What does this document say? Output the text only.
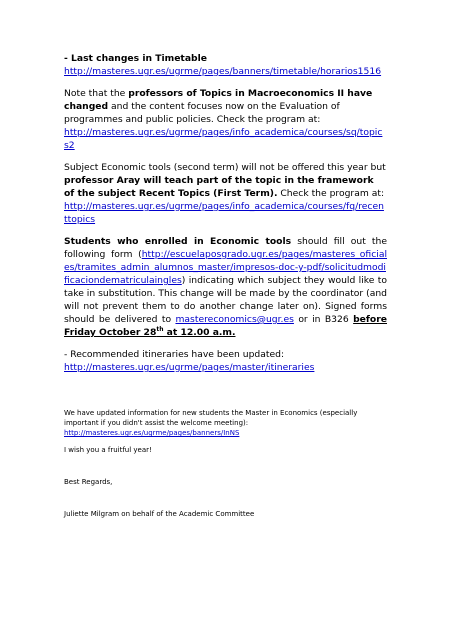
- Last changes in Timetable

http://masteres.ugr.es/ugrme/pages/banners/timetable/horarios1516

Note that the professors of Topics in Macroeconomics II have changed and the content focuses now on the Evaluation of programmes and public policies. Check the program at:

http://masteres.ugr.es/ugrme/pages/info_academica/courses/sq/topics2

Subject Economic tools (second term) will not be offered this year but professor Aray will teach part of the topic in the framework of the subject Recent Topics (First Term). Check the program at:

http://masteres.ugr.es/ugrme/pages/info_academica/courses/fq/recenttopics

Students who enrolled in Economic tools should fill out the following form (http://escuelaposgrado.ugr.es/pages/masteres_oficiales/tramites_admin_alumnos_master/impresos-doc-y-pdf/solicitudmodificaciondematriculaingles) indicating which subject they would like to take in substitution. This change will be made by the coordinator (and will not prevent them to do another change later on). Signed forms should be delivered to mastereconomics@ugr.es or in B326 before Friday October 28th at 12.00 a.m.

- Recommended itineraries have been updated:

http://masteres.ugr.es/ugrme/pages/master/itineraries

We have updated information for new students the Master in Economics (especially important if you didn't assist the welcome meeting):

http://masteres.ugr.es/ugrme/pages/banners/InNS

I wish you a fruitful year!

Best Regards,

Juliette Milgram on behalf of the Academic Committee
